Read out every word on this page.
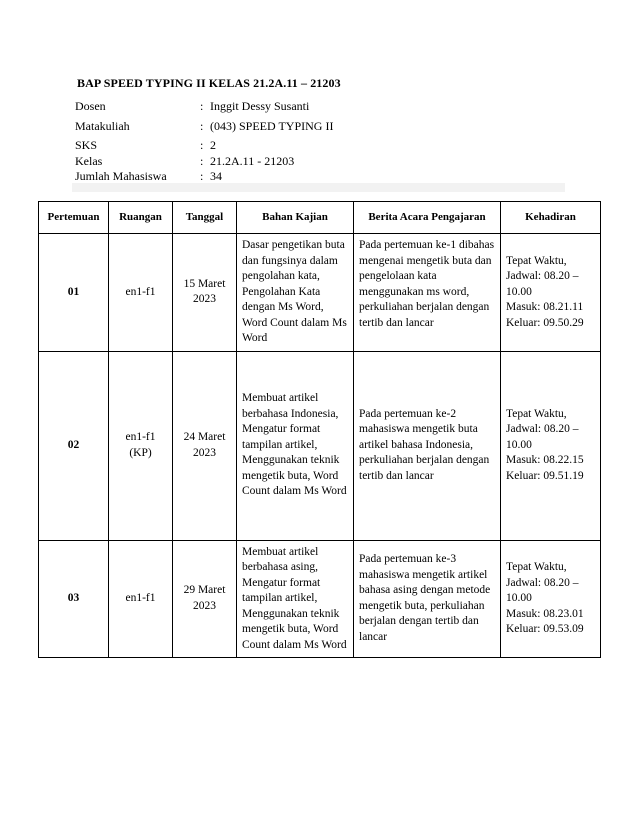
BAP SPEED TYPING II KELAS 21.2A.11 – 21203
Dosen	: Inggit Dessy Susanti
Matakuliah	: (043) SPEED TYPING II
SKS	: 2
Kelas	: 21.2A.11 - 21203
Jumlah Mahasiswa	: 34
Pertemuan	Ruangan	Tanggal	Bahan Kajian	Berita Acara Pengajaran	Kehadiran
01	en1-f1	15 Maret 2023	Dasar pengetikan buta dan fungsinya dalam pengolahan kata, Pengolahan Kata dengan Ms Word, Word Count dalam Ms Word	Pada pertemuan ke-1 dibahas mengenai mengetik buta dan pengelolaan kata menggunakan ms word, perkuliahan berjalan dengan tertib dan lancar	Tepat Waktu,
Jadwal: 08.20 –
10.00
Masuk: 08.21.11
Keluar: 09.50.29

02	en1-f1 (KP)	24 Maret 2023	Membuat artikel berbahasa Indonesia, Mengatur format tampilan artikel, Menggunakan teknik mengetik buta, Word Count dalam Ms Word	Pada pertemuan ke-2 mahasiswa mengetik buta artikel bahasa Indonesia, perkuliahan berjalan dengan tertib dan lancar	Tepat Waktu,
Jadwal: 08.20 –
10.00
Masuk: 08.22.15
Keluar: 09.51.19

03	en1-f1	29 Maret 2023	Membuat artikel berbahasa asing, Mengatur format tampilan artikel, Menggunakan teknik mengetik buta, Word Count dalam Ms Word	Pada pertemuan ke-3 mahasiswa mengetik artikel bahasa asing dengan metode mengetik buta, perkuliahan berjalan dengan tertib dan lancar	Tepat Waktu,
Jadwal: 08.20 –
10.00
Masuk: 08.23.01
Keluar: 09.53.09
